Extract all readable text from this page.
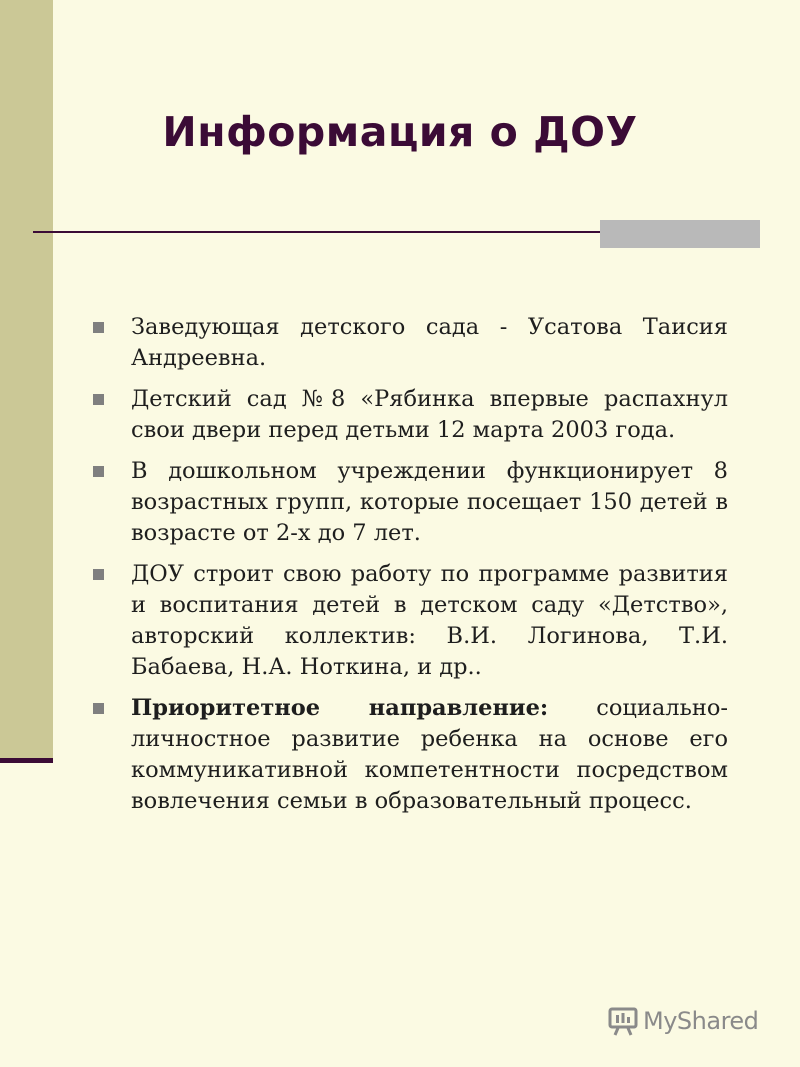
Информация о ДОУ
Заведующая детского сада - Усатова Таисия Андреевна.
Детский сад №8 «Рябинка впервые распахнул свои двери перед детьми 12 марта 2003 года.
В дошкольном учреждении функционирует 8 возрастных групп, которые посещает 150 детей в возрасте от 2-х до 7 лет.
ДОУ строит свою работу по программе развития и воспитания детей в детском саду «Детство», авторский коллектив: В.И. Логинова, Т.И. Бабаева, Н.А. Ноткина, и др..
Приоритетное направление: социально-личностное развитие ребенка на основе его коммуникативной компетентности посредством вовлечения семьи в образовательный процесс.
MyShared
